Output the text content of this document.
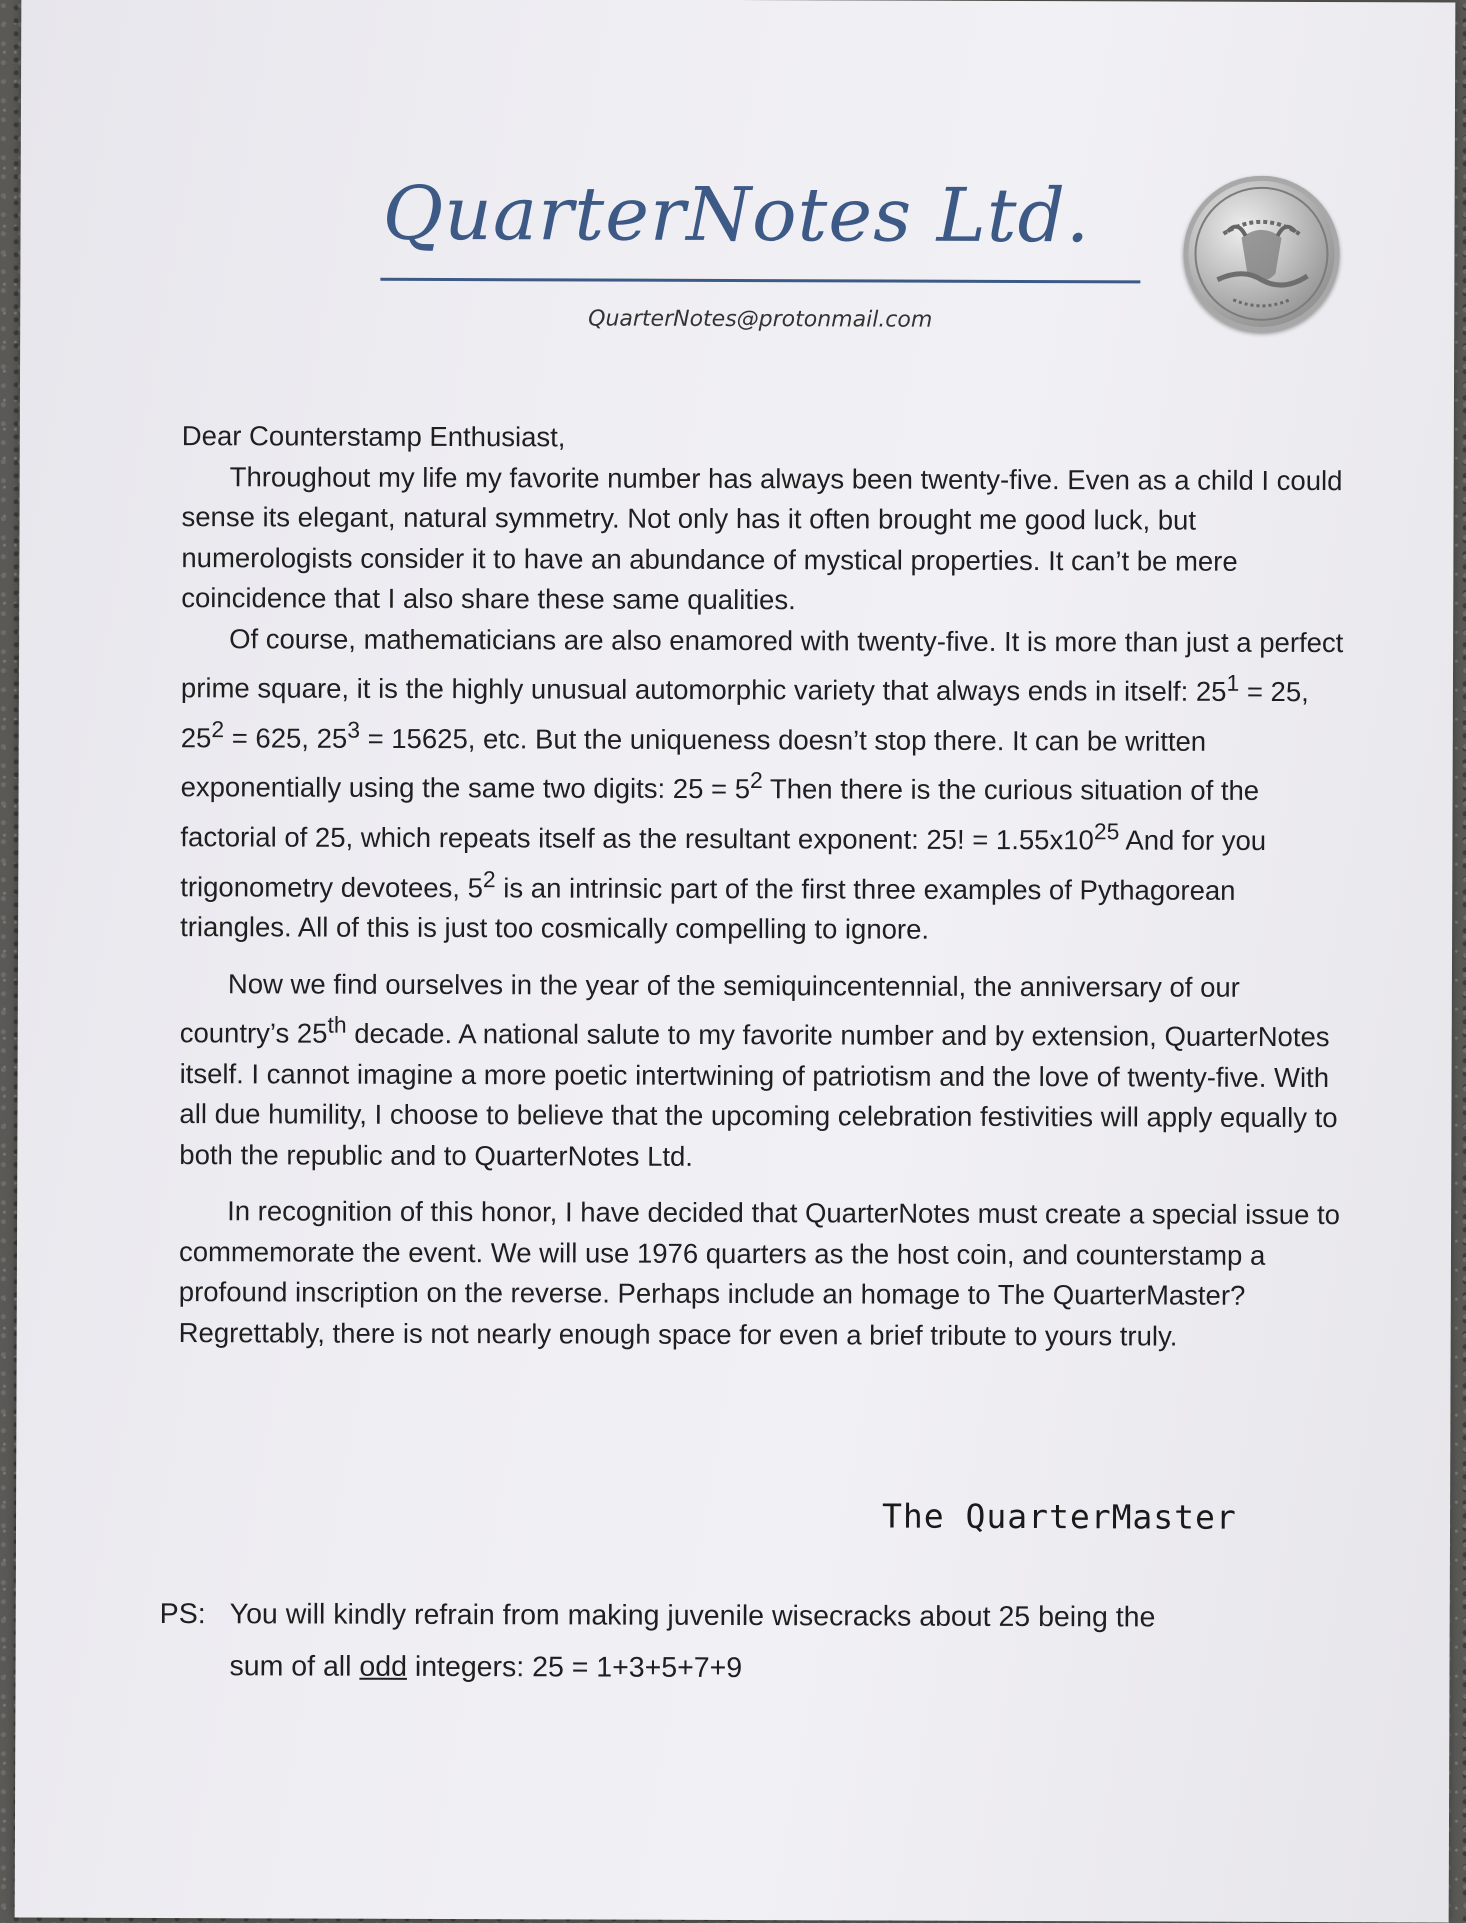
QuarterNotes Ltd.
QuarterNotes@protonmail.com

Dear Counterstamp Enthusiast,

Throughout my life my favorite number has always been twenty-five. Even as a child I could sense its elegant, natural symmetry. Not only has it often brought me good luck, but numerologists consider it to have an abundance of mystical properties. It can’t be mere coincidence that I also share these same qualities.

Of course, mathematicians are also enamored with twenty-five. It is more than just a perfect prime square, it is the highly unusual automorphic variety that always ends in itself: $25^1 = 25$, $25^2 = 625$, $25^3 = 15625$, etc. But the uniqueness doesn’t stop there. It can be written exponentially using the same two digits: $25 = 5^2$ Then there is the curious situation of the factorial of 25, which repeats itself as the resultant exponent: 25! = $1.55x10^{25}$ And for you trigonometry devotees, $5^2$ is an intrinsic part of the first three examples of Pythagorean triangles. All of this is just too cosmically compelling to ignore.

Now we find ourselves in the year of the semiquincentennial, the anniversary of our country’s 25th decade. A national salute to my favorite number and by extension, QuarterNotes itself. I cannot imagine a more poetic intertwining of patriotism and the love of twenty-five. With all due humility, I choose to believe that the upcoming celebration festivities will apply equally to both the republic and to QuarterNotes Ltd.

In recognition of this honor, I have decided that QuarterNotes must create a special issue to commemorate the event. We will use 1976 quarters as the host coin, and counterstamp a profound inscription on the reverse. Perhaps include an homage to The QuarterMaster? Regrettably, there is not nearly enough space for even a brief tribute to yours truly.

The QuarterMaster
PS: You will kindly refrain from making juvenile wisecracks about 25 being the
sum of all odd integers: 25 = 1+3+5+7+9
